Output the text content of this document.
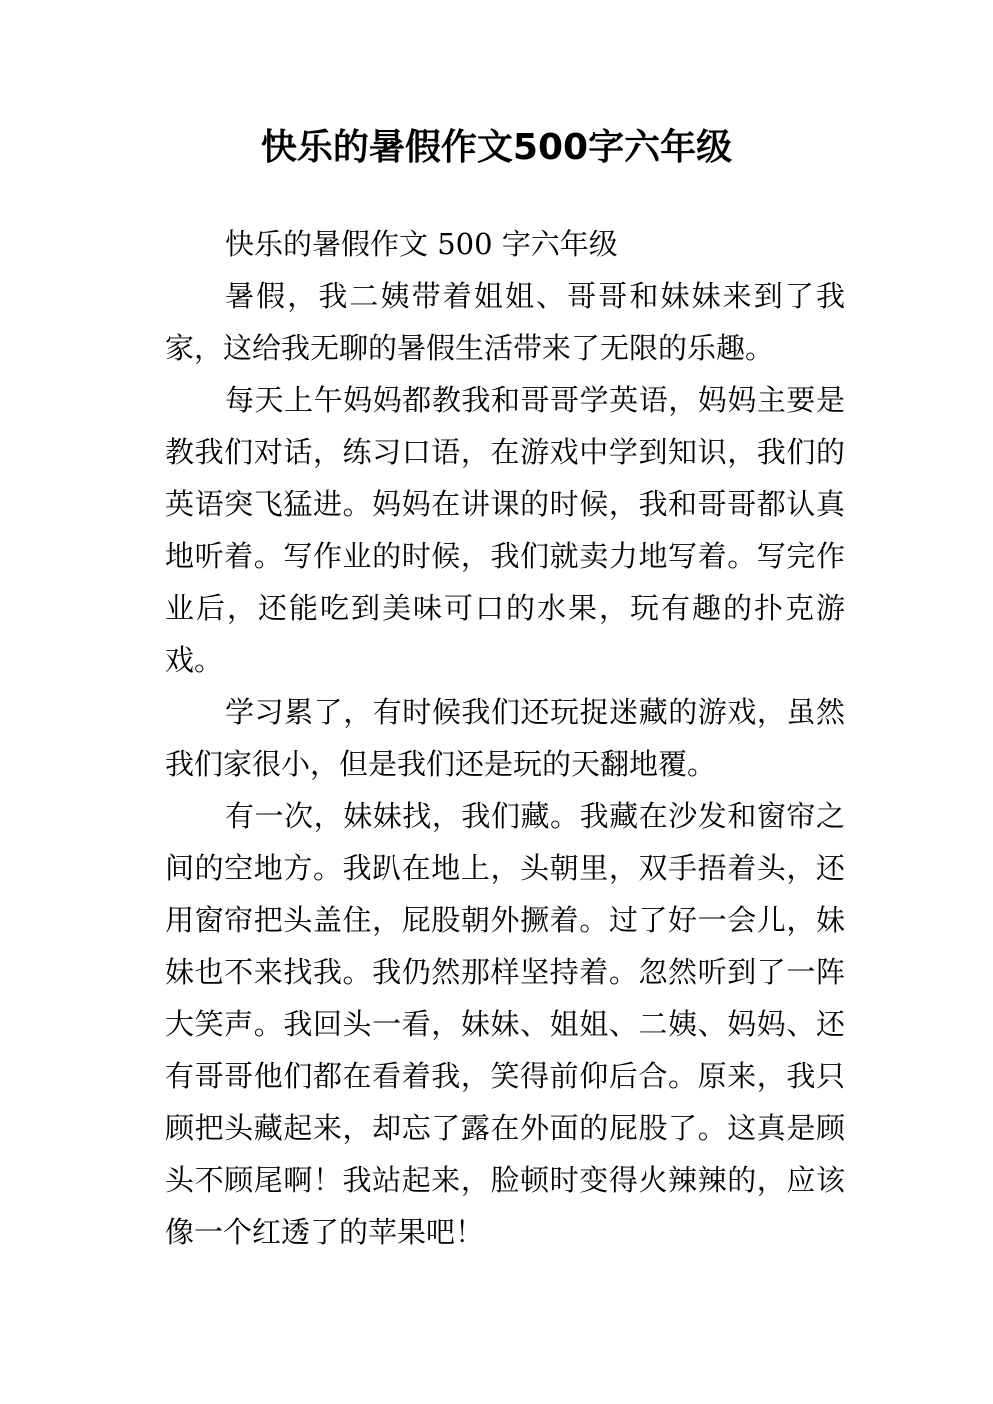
快乐的暑假作文500字六年级

快乐的暑假作文 500 字六年级

暑假，我二姨带着姐姐、哥哥和妹妹来到了我家，这给我无聊的暑假生活带来了无限的乐趣。

每天上午妈妈都教我和哥哥学英语，妈妈主要是教我们对话，练习口语，在游戏中学到知识，我们的英语突飞猛进。妈妈在讲课的时候，我和哥哥都认真地听着。写作业的时候，我们就卖力地写着。写完作业后，还能吃到美味可口的水果，玩有趣的扑克游戏。

学习累了，有时候我们还玩捉迷藏的游戏，虽然我们家很小，但是我们还是玩的天翻地覆。

有一次，妹妹找，我们藏。我藏在沙发和窗帘之间的空地方。我趴在地上，头朝里，双手捂着头，还用窗帘把头盖住，屁股朝外撅着。过了好一会儿，妹妹也不来找我。我仍然那样坚持着。忽然听到了一阵大笑声。我回头一看，妹妹、姐姐、二姨、妈妈、还有哥哥他们都在看着我，笑得前仰后合。原来，我只顾把头藏起来，却忘了露在外面的屁股了。这真是顾头不顾尾啊！我站起来，脸顿时变得火辣辣的，应该像一个红透了的苹果吧！
